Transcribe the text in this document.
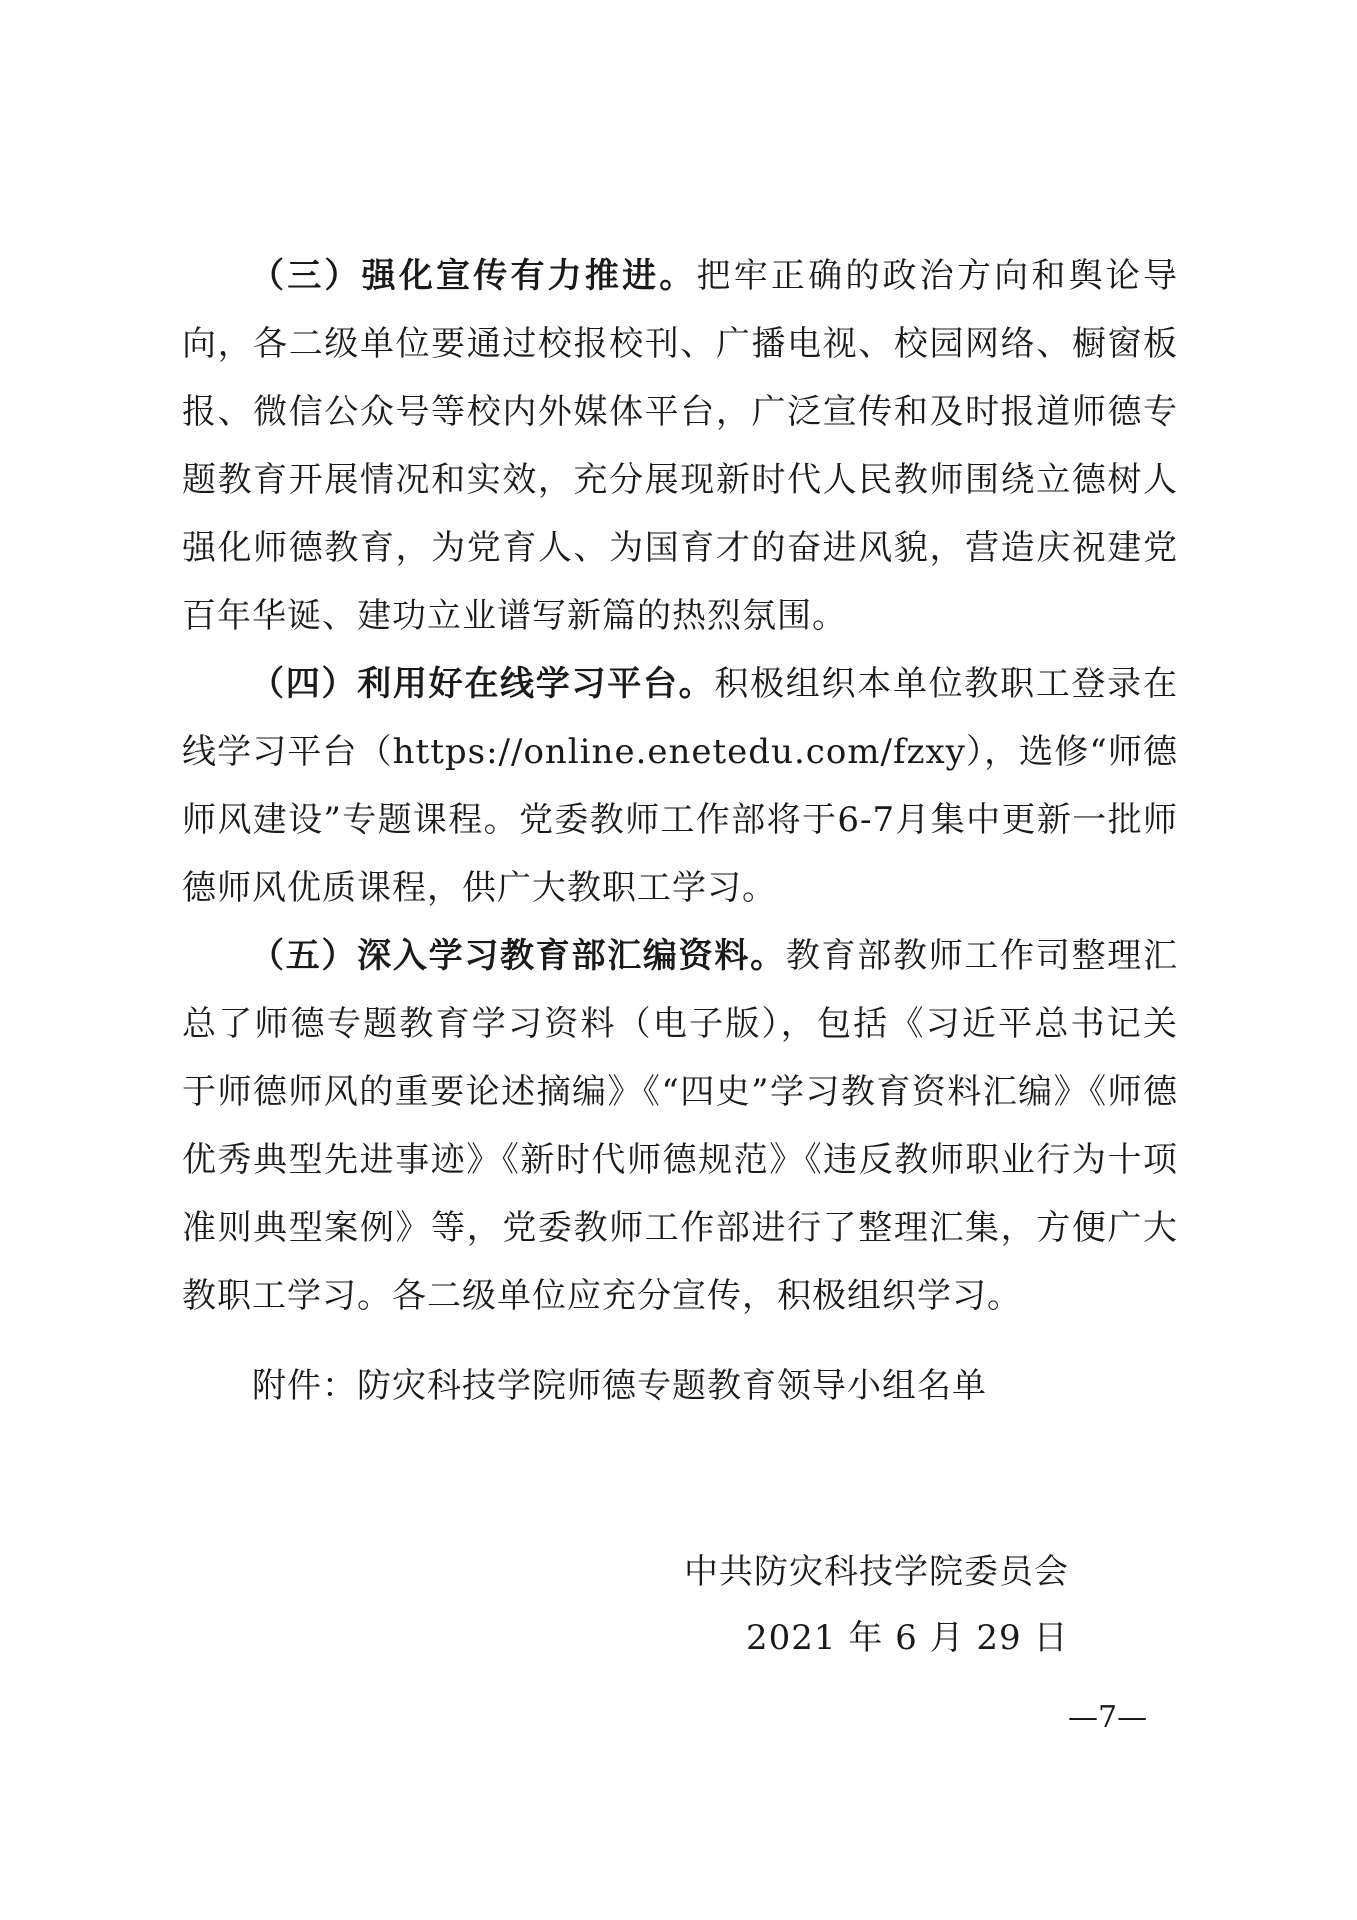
（三）强化宣传有力推进。把牢正确的政治方向和舆论导向，各二级单位要通过校报校刊、广播电视、校园网络、橱窗板报、微信公众号等校内外媒体平台，广泛宣传和及时报道师德专题教育开展情况和实效，充分展现新时代人民教师围绕立德树人强化师德教育，为党育人、为国育才的奋进风貌，营造庆祝建党百年华诞、建功立业谱写新篇的热烈氛围。

（四）利用好在线学习平台。积极组织本单位教职工登录在线学习平台（https://online.enetedu.com/fzxy），选修“师德师风建设”专题课程。党委教师工作部将于6-7月集中更新一批师德师风优质课程，供广大教职工学习。

（五）深入学习教育部汇编资料。教育部教师工作司整理汇总了师德专题教育学习资料（电子版），包括《习近平总书记关于师德师风的重要论述摘编》《“四史”学习教育资料汇编》《师德优秀典型先进事迹》《新时代师德规范》《违反教师职业行为十项准则典型案例》等，党委教师工作部进行了整理汇集，方便广大教职工学习。各二级单位应充分宣传，积极组织学习。

附件：防灾科技学院师德专题教育领导小组名单
中共防灾科技学院委员会
2021 年 6 月 29 日
—7—
